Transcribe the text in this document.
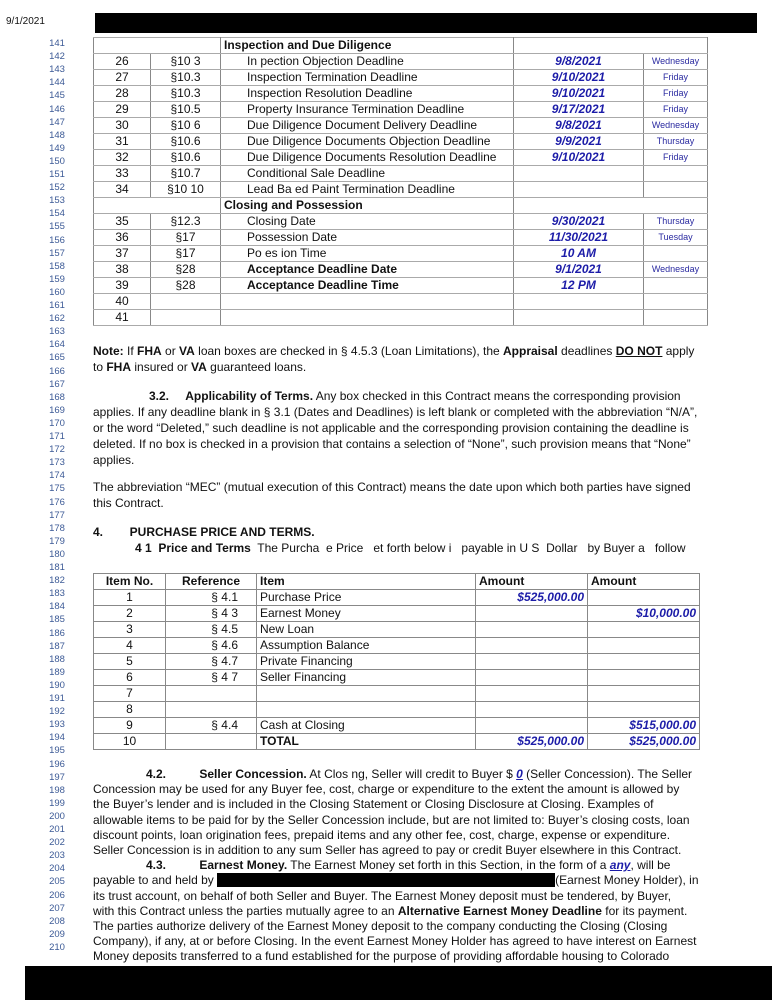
9/1/2021
141
142
143
144
145
146
147
148
149
150
151
152
153
154
155
156
157
158
159
160
161
162
163
164
165
166
167
168
169
170
171
172
173
174
175
176
177
178
179
180
181
182
183
184
185
186
187
188
189
190
191
192
193
194
195
196
197
198
199
200
201
202
203
204
205
206
207
208
209
210
		Inspection and Due Diligence		
26	§10 3	In pection Objection Deadline	9/8/2021	Wednesday
27	§10.3	Inspection Termination Deadline	9/10/2021	Friday
28	§10.3	Inspection Resolution Deadline	9/10/2021	Friday
29	§10.5	Property Insurance Termination Deadline	9/17/2021	Friday
30	§10 6	Due Diligence Document Delivery Deadline	9/8/2021	Wednesday
31	§10.6	Due Diligence Documents Objection Deadline	9/9/2021	Thursday
32	§10.6	Due Diligence Documents Resolution Deadline	9/10/2021	Friday
33	§10.7	Conditional Sale Deadline		
34	§10 10	Lead Ba ed Paint Termination Deadline		
		Closing and Possession		
35	§12.3	Closing Date	9/30/2021	Thursday
36	§17	Possession Date	11/30/2021	Tuesday
37	§17	Po es ion Time	10 AM	
38	§28	Acceptance Deadline Date	9/1/2021	Wednesday
39	§28	Acceptance Deadline Time	12 PM	
40				
41				
Note: If FHA or VA loan boxes are checked in § 4.5.3 (Loan Limitations), the Appraisal deadlines DO NOT apply
to FHA insured or VA guaranteed loans.
3.2.     Applicability of Terms. Any box checked in this Contract means the corresponding provision
applies. If any deadline blank in § 3.1 (Dates and Deadlines) is left blank or completed with the abbreviation “N/A”,
or the word “Deleted,” such deadline is not applicable and the corresponding provision containing the deadline is
deleted. If no box is checked in a provision that contains a selection of “None”, such provision means that “None”
applies.
The abbreviation “MEC” (mutual execution of this Contract) means the date upon which both parties have signed
this Contract.
4.        PURCHASE PRICE AND TERMS.
4 1  Price and Terms  The Purcha  e Price   et forth below i   payable in U S  Dollar   by Buyer a   follow
4.2.          Seller Concession. At Clos ng, Seller will credit to Buyer $ 0 (Seller Concession). The Seller
Concession may be used for any Buyer fee, cost, charge or expenditure to the extent the amount is allowed by
the Buyer’s lender and is included in the Closing Statement or Closing Disclosure at Closing. Examples of
allowable items to be paid for by the Seller Concession include, but are not limited to: Buyer’s closing costs, loan
discount points, loan origination fees, prepaid items and any other fee, cost, charge, expense or expenditure.
Seller Concession is in addition to any sum Seller has agreed to pay or credit Buyer elsewhere in this Contract.
4.3.          Earnest Money. The Earnest Money set forth in this Section, in the form of a any, will be
payable to and held by	(Earnest Money Holder), in
its trust account, on behalf of both Seller and Buyer. The Earnest Money deposit must be tendered, by Buyer,
with this Contract unless the parties mutually agree to an Alternative Earnest Money Deadline for its payment.
The parties authorize delivery of the Earnest Money deposit to the company conducting the Closing (Closing
Company), if any, at or before Closing. In the event Earnest Money Holder has agreed to have interest on Earnest
Money deposits transferred to a fund established for the purpose of providing affordable housing to Colorado
Item No.	Reference	Item	Amount	Amount
1	§ 4.1	Purchase Price	$525,000.00	
2	§ 4 3	Earnest Money		$10,000.00
3	§ 4.5	New Loan		
4	§ 4.6	Assumption Balance		
5	§ 4.7	Private Financing		
6	§ 4 7	Seller Financing		
7				
8				
9	§ 4.4	Cash at Closing		$515,000.00
10		TOTAL	$525,000.00	$525,000.00
